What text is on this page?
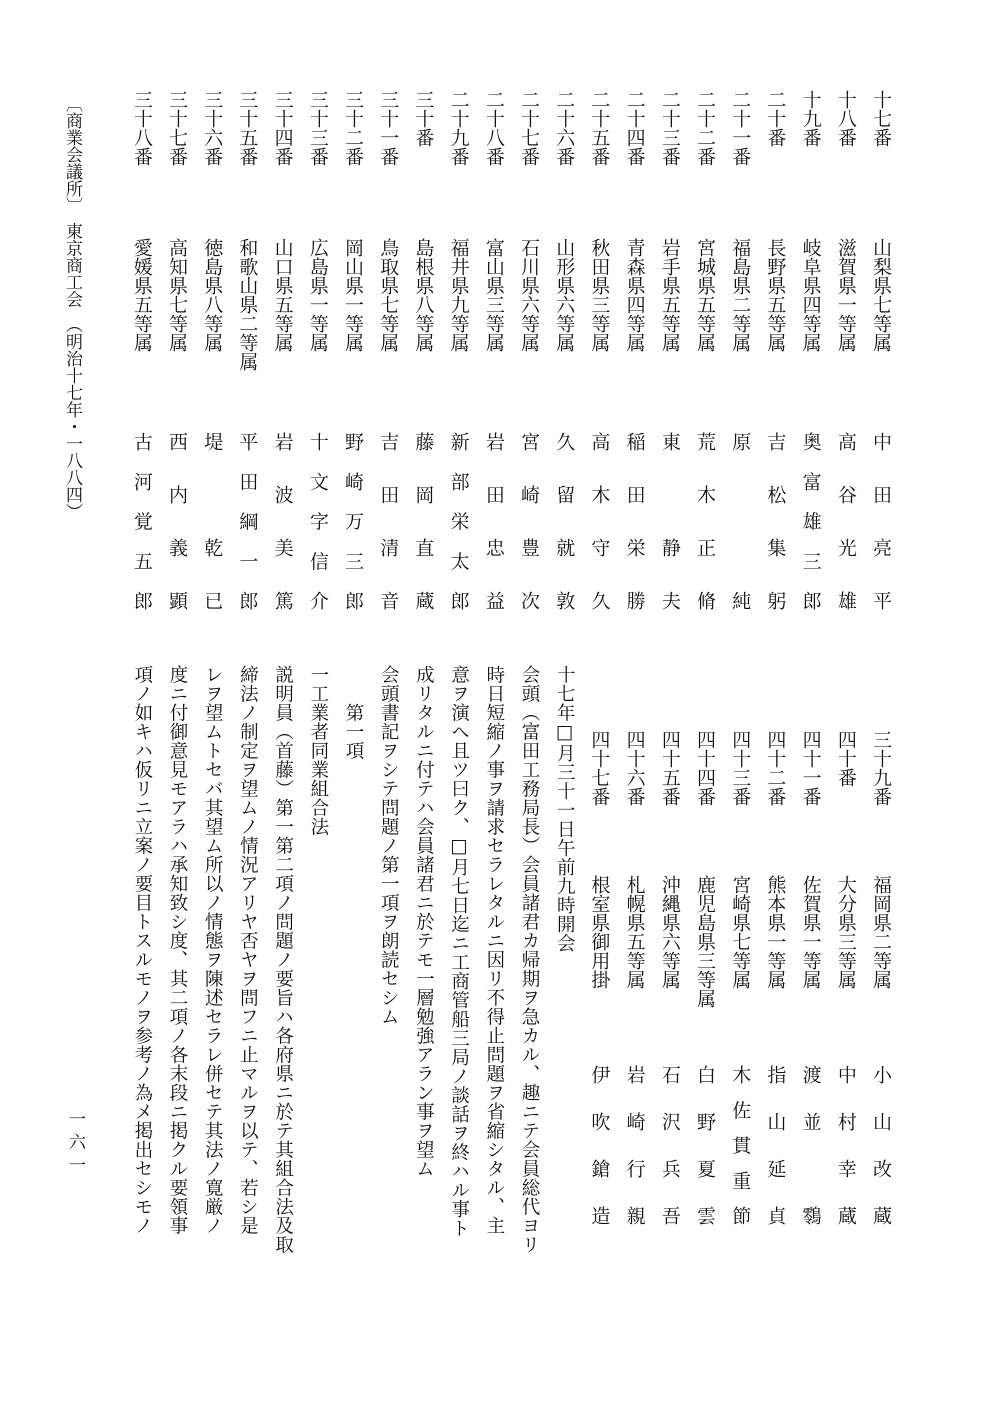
十七番
山梨県七等属
中田亮平
十八番
滋賀県一等属
高谷光雄
十九番
岐阜県四等属
奥富雄三郎
二十番
長野県五等属
吉松集躬
二十一番
福島県二等属
原　　純
二十二番
宮城県五等属
荒木正脩
二十三番
岩手県五等属
東　静夫
二十四番
青森県四等属
稲田栄勝
二十五番
秋田県三等属
高木守久
二十六番
山形県六等属
久留就敦
二十七番
石川県六等属
宮崎豊次
二十八番
富山県三等属
岩田忠益
二十九番
福井県九等属
新部栄太郎
三十番
島根県八等属
藤岡直蔵
三十一番
鳥取県七等属
吉田清音
三十二番
岡山県一等属
野崎万三郎
三十三番
広島県一等属
十文字信介
三十四番
山口県五等属
岩波美篤
三十五番
和歌山県二等属
平田綱一郎
三十六番
徳島県八等属
堤　乾已
三十七番
高知県七等属
西内義顕
三十八番
愛媛県五等属
古河覚五郎
三十九番
福岡県二等属
小山改蔵
四十番
大分県三等属
中村幸蔵
四十一番
佐賀県一等属
渡並　䴇
四十二番
熊本県一等属
指山延貞
四十三番
宮崎県七等属
木佐貫重節
四十四番
鹿児島県三等属
白野夏雲
四十五番
沖縄県六等属
石沢兵吾
四十六番
札幌県五等属
岩崎行親
四十七番
根室県御用掛
伊吹鎗造
十七年□月三十一日午前九時開会
会頭（富田工務局長）会員諸君カ帰期ヲ急カル、趣ニテ会員総代ヨリ
時日短縮ノ事ヲ請求セラレタルニ因リ不得止問題ヲ省縮シタル、主
意ヲ演へ且ツ曰ク、□月七日迄ニ工商管船三局ノ談話ヲ終ハル事ト
成リタルニ付テハ会員諸君ニ於テモ一層勉強アラン事ヲ望ム
会頭書記ヲシテ問題ノ第一項ヲ朗読セシム
　　第一項
一工業者同業組合法
説明員（首藤）第一第二項ノ問題ノ要旨ハ各府県ニ於テ其組合法及取
締法ノ制定ヲ望ムノ情況アリヤ否ヤヲ問フニ止マルヲ以テ、若シ是
レヲ望ムトセバ其望ム所以ノ情態ヲ陳述セラレ併セテ其法ノ寛厳ノ
度ニ付御意見モアラハ承知致シ度、其二項ノ各末段ニ掲クル要領事
項ノ如キハ仮リニ立案ノ要目トスルモノヲ参考ノ為メ掲出セシモノ
〔商業会議所〕　東京商工会　（明治十七年・一八八四）
一六一
